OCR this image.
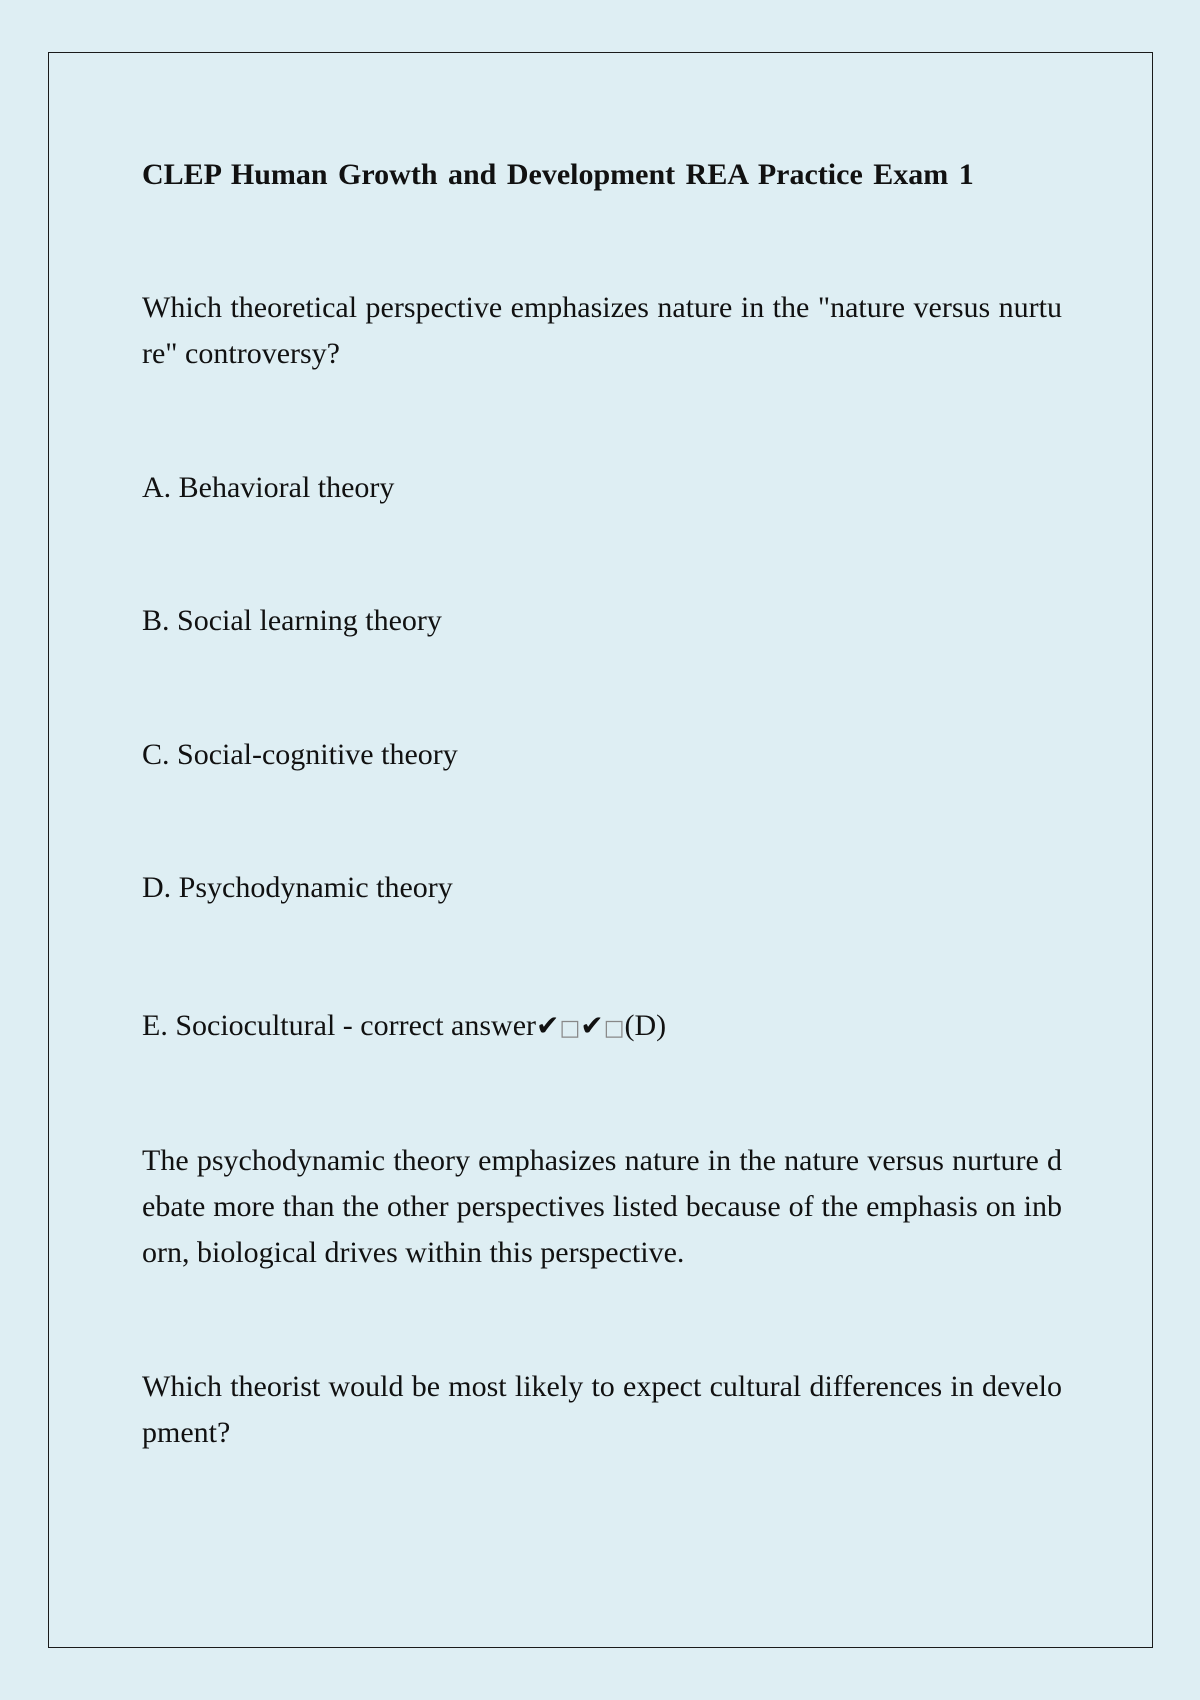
CLEP Human Growth and Development REA Practice Exam 1

Which theoretical perspective emphasizes nature in the "nature versus nurture" controversy?

A. Behavioral theory

B. Social learning theory

C. Social-cognitive theory

D. Psychodynamic theory

E. Sociocultural - correct answer✔□✔□(D)

The psychodynamic theory emphasizes nature in the nature versus nurture debate more than the other perspectives listed because of the emphasis on inborn, biological drives within this perspective.

Which theorist would be most likely to expect cultural differences in development?
